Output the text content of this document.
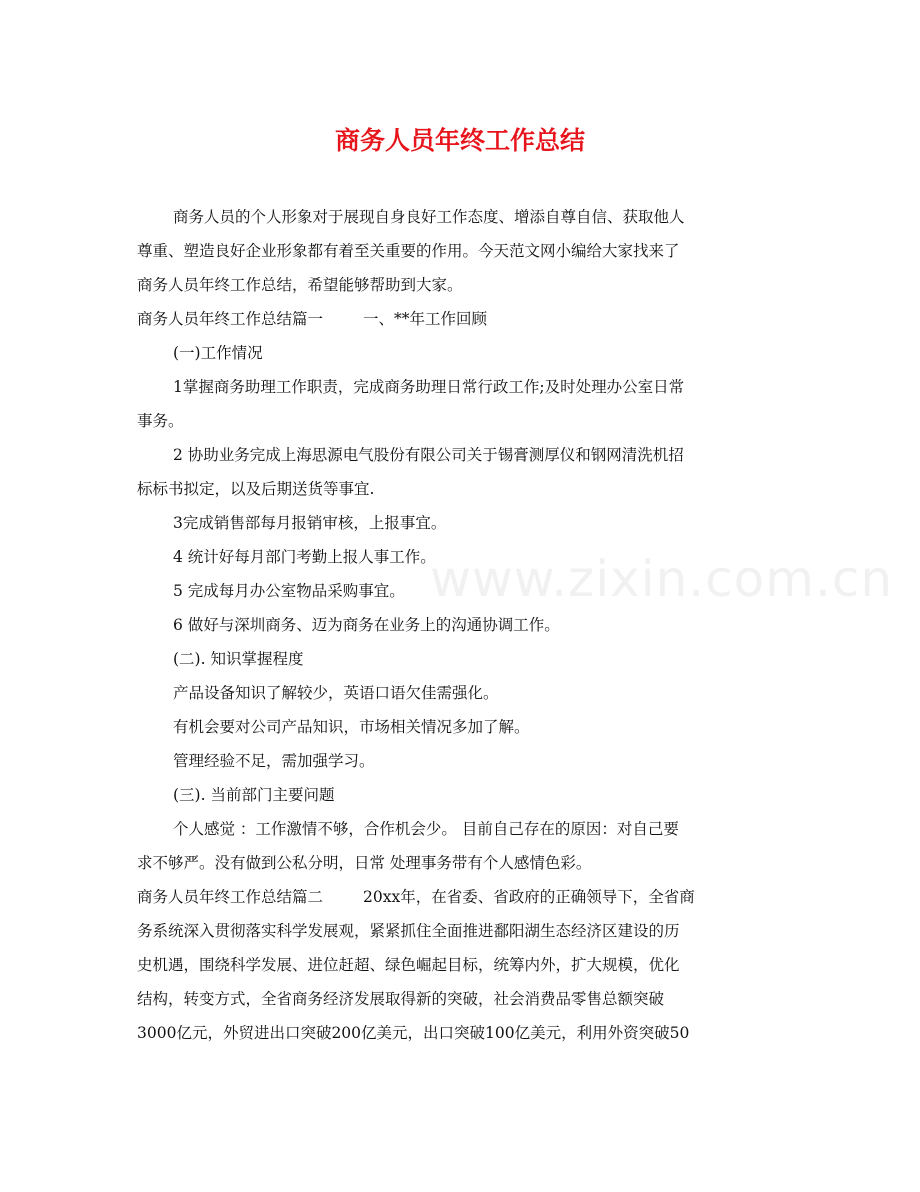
商务人员年终工作总结
商务人员的个人形象对于展现自身良好工作态度、增添自尊自信、获取他人
尊重、塑造良好企业形象都有着至关重要的作用。今天范文网小编给大家找来了
商务人员年终工作总结，希望能够帮助到大家。
商务人员年终工作总结篇一	一、**年工作回顾
(一)工作情况
1掌握商务助理工作职责，完成商务助理日常行政工作;及时处理办公室日常
事务。
2 协助业务完成上海思源电气股份有限公司关于锡膏测厚仪和钢网清洗机招
标标书拟定，以及后期送货等事宜.
3完成销售部每月报销审核，上报事宜。
4 统计好每月部门考勤上报人事工作。
5 完成每月办公室物品采购事宜。
6 做好与深圳商务、迈为商务在业务上的沟通协调工作。
(二). 知识掌握程度
产品设备知识了解较少，英语口语欠佳需强化。
有机会要对公司产品知识，市场相关情况多加了解。
管理经验不足，需加强学习。
(三). 当前部门主要问题
个人感觉 ：工作激情不够，合作机会少。 目前自己存在的原因：对自己要
求不够严。没有做到公私分明，日常 处理事务带有个人感情色彩。
商务人员年终工作总结篇二	20xx年，在省委、省政府的正确领导下，全省商
务系统深入贯彻落实科学发展观，紧紧抓住全面推进鄱阳湖生态经济区建设的历
史机遇，围绕科学发展、进位赶超、绿色崛起目标，统筹内外，扩大规模，优化
结构，转变方式，全省商务经济发展取得新的突破，社会消费品零售总额突破
3000亿元，外贸进出口突破200亿美元，出口突破100亿美元，利用外资突破50
www.zixin.com.cn
